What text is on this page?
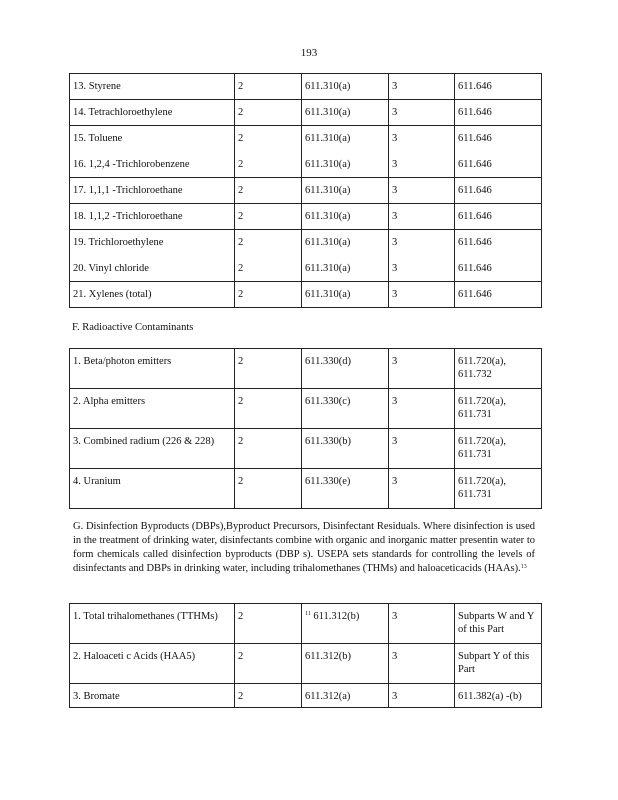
193
13. Styrene	2	611.310(a)	3	611.646
14. Tetrachloroethylene	2	611.310(a)	3	611.646
15. Toluene	2	611.310(a)	3	611.646
16. 1,2,4 -Trichlorobenzene	2	611.310(a)	3	611.646
17. 1,1,1 -Trichloroethane	2	611.310(a)	3	611.646
18. 1,1,2 -Trichloroethane	2	611.310(a)	3	611.646
19. Trichloroethylene	2	611.310(a)	3	611.646
20. Vinyl chloride	2	611.310(a)	3	611.646
21. Xylenes (total)	2	611.310(a)	3	611.646
F. Radioactive Contaminants
1. Beta/photon emitters	2	611.330(d)	3	611.720(a), 611.732
2. Alpha emitters	2	611.330(c)	3	611.720(a), 611.731
3. Combined radium (226 & 228)	2	611.330(b)	3	611.720(a), 611.731
4. Uranium	2	611.330(e)	3	611.720(a), 611.731
G. Disinfection Byproducts (DBPs),Byproduct Precursors, Disinfectant Residuals. Where disinfection is used in the treatment of drinking water, disinfectants combine with organic and inorganic matter presentin water to form chemicals called disinfection byproducts (DBP s). USEPA sets standards for controlling the levels of disinfectants and DBPs in drinking water, including trihalomethanes (THMs) and haloaceticacids (HAAs).$^{13}$
1. Total trihalomethanes (TTHMs)	2	$^{11}$ 611.312(b)	3	Subparts W and Y of this Part
2. Haloaceti c Acids (HAA5)	2	611.312(b)	3	Subpart Y of this Part
3. Bromate	2	611.312(a)	3	611.382(a) -(b)
